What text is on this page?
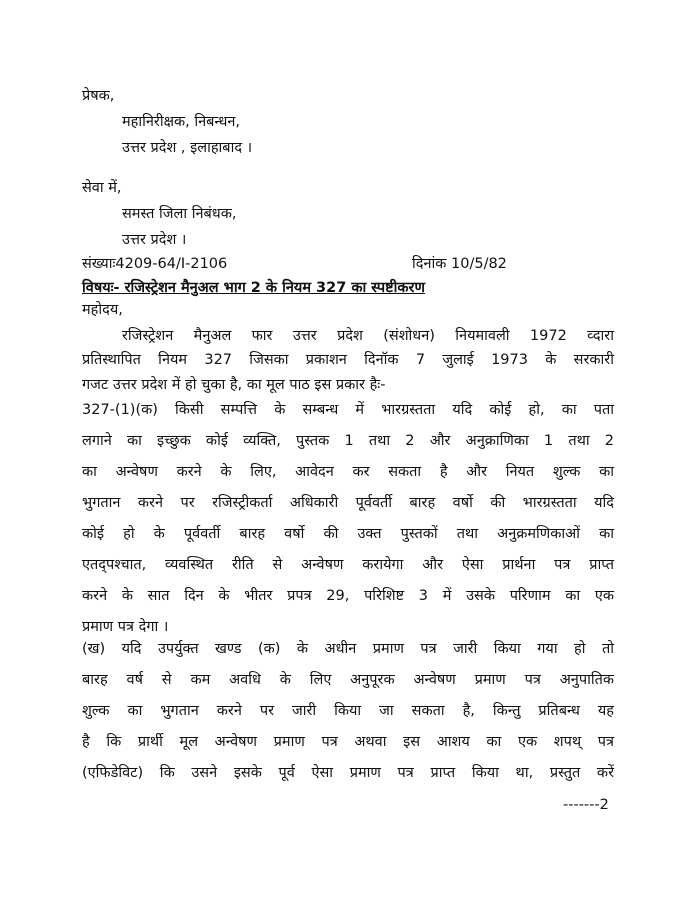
प्रेषक,
महानिरीक्षक, निबन्धन,
उत्तर प्रदेश , इलाहाबाद ।
सेवा में,
समस्त जिला निबंधक,
उत्तर प्रदेश ।
संख्याः4209-64/I-2106	दिनांक 10/5/82
विषयः- रजिस्ट्रेशन मैनुअल भाग 2 के नियम 327 का स्पष्टीकरण
महोदय,
रजिस्ट्रेशन मैनुअल फार उत्तर प्रदेश (संशोधन) नियमावली 1972 व्दारा
प्रतिस्थापित नियम 327 जिसका प्रकाशन दिनॉक 7 जुलाई 1973 के सरकारी
गजट उत्तर प्रदेश में हो चुका है, का मूल पाठ इस प्रकार हैः-
327-(1)(क) किसी सम्पत्ति के सम्बन्ध में भारग्रस्तता यदि कोई हो, का पता
लगाने का इच्छुक कोई व्यक्ति, पुस्तक 1 तथा 2 और अनुक्राणिका 1 तथा 2
का अन्वेषण करने के लिए, आवेदन कर सकता है और नियत शुल्क का
भुगतान करने पर रजिस्ट्रीकर्ता अधिकारी पूर्ववर्ती बारह वर्षो की भारग्रस्तता यदि
कोई हो के पूर्ववर्ती बारह वर्षो की उक्त पुस्तकों तथा अनुक्रमणिकाओं का
एतद्पश्चात, व्यवस्थित रीति से अन्वेषण करायेगा और ऐसा प्रार्थना पत्र प्राप्त
करने के सात दिन के भीतर प्रपत्र 29, परिशिष्ट 3 में उसके परिणाम का एक
प्रमाण पत्र देगा ।
(ख) यदि उपर्युक्त खण्ड (क) के अधीन प्रमाण पत्र जारी किया गया हो तो
बारह वर्ष से कम अवधि के लिए अनुपूरक अन्वेषण प्रमाण पत्र अनुपातिक
शुल्क का भुगतान करने पर जारी किया जा सकता है, किन्तु प्रतिबन्ध यह
है कि प्रार्थी मूल अन्वेषण प्रमाण पत्र अथवा इस आशय का एक शपथ् पत्र
(एफिडेविट) कि उसने इसके पूर्व ऐसा प्रमाण पत्र प्राप्त किया था, प्रस्तुत करें
-------2
